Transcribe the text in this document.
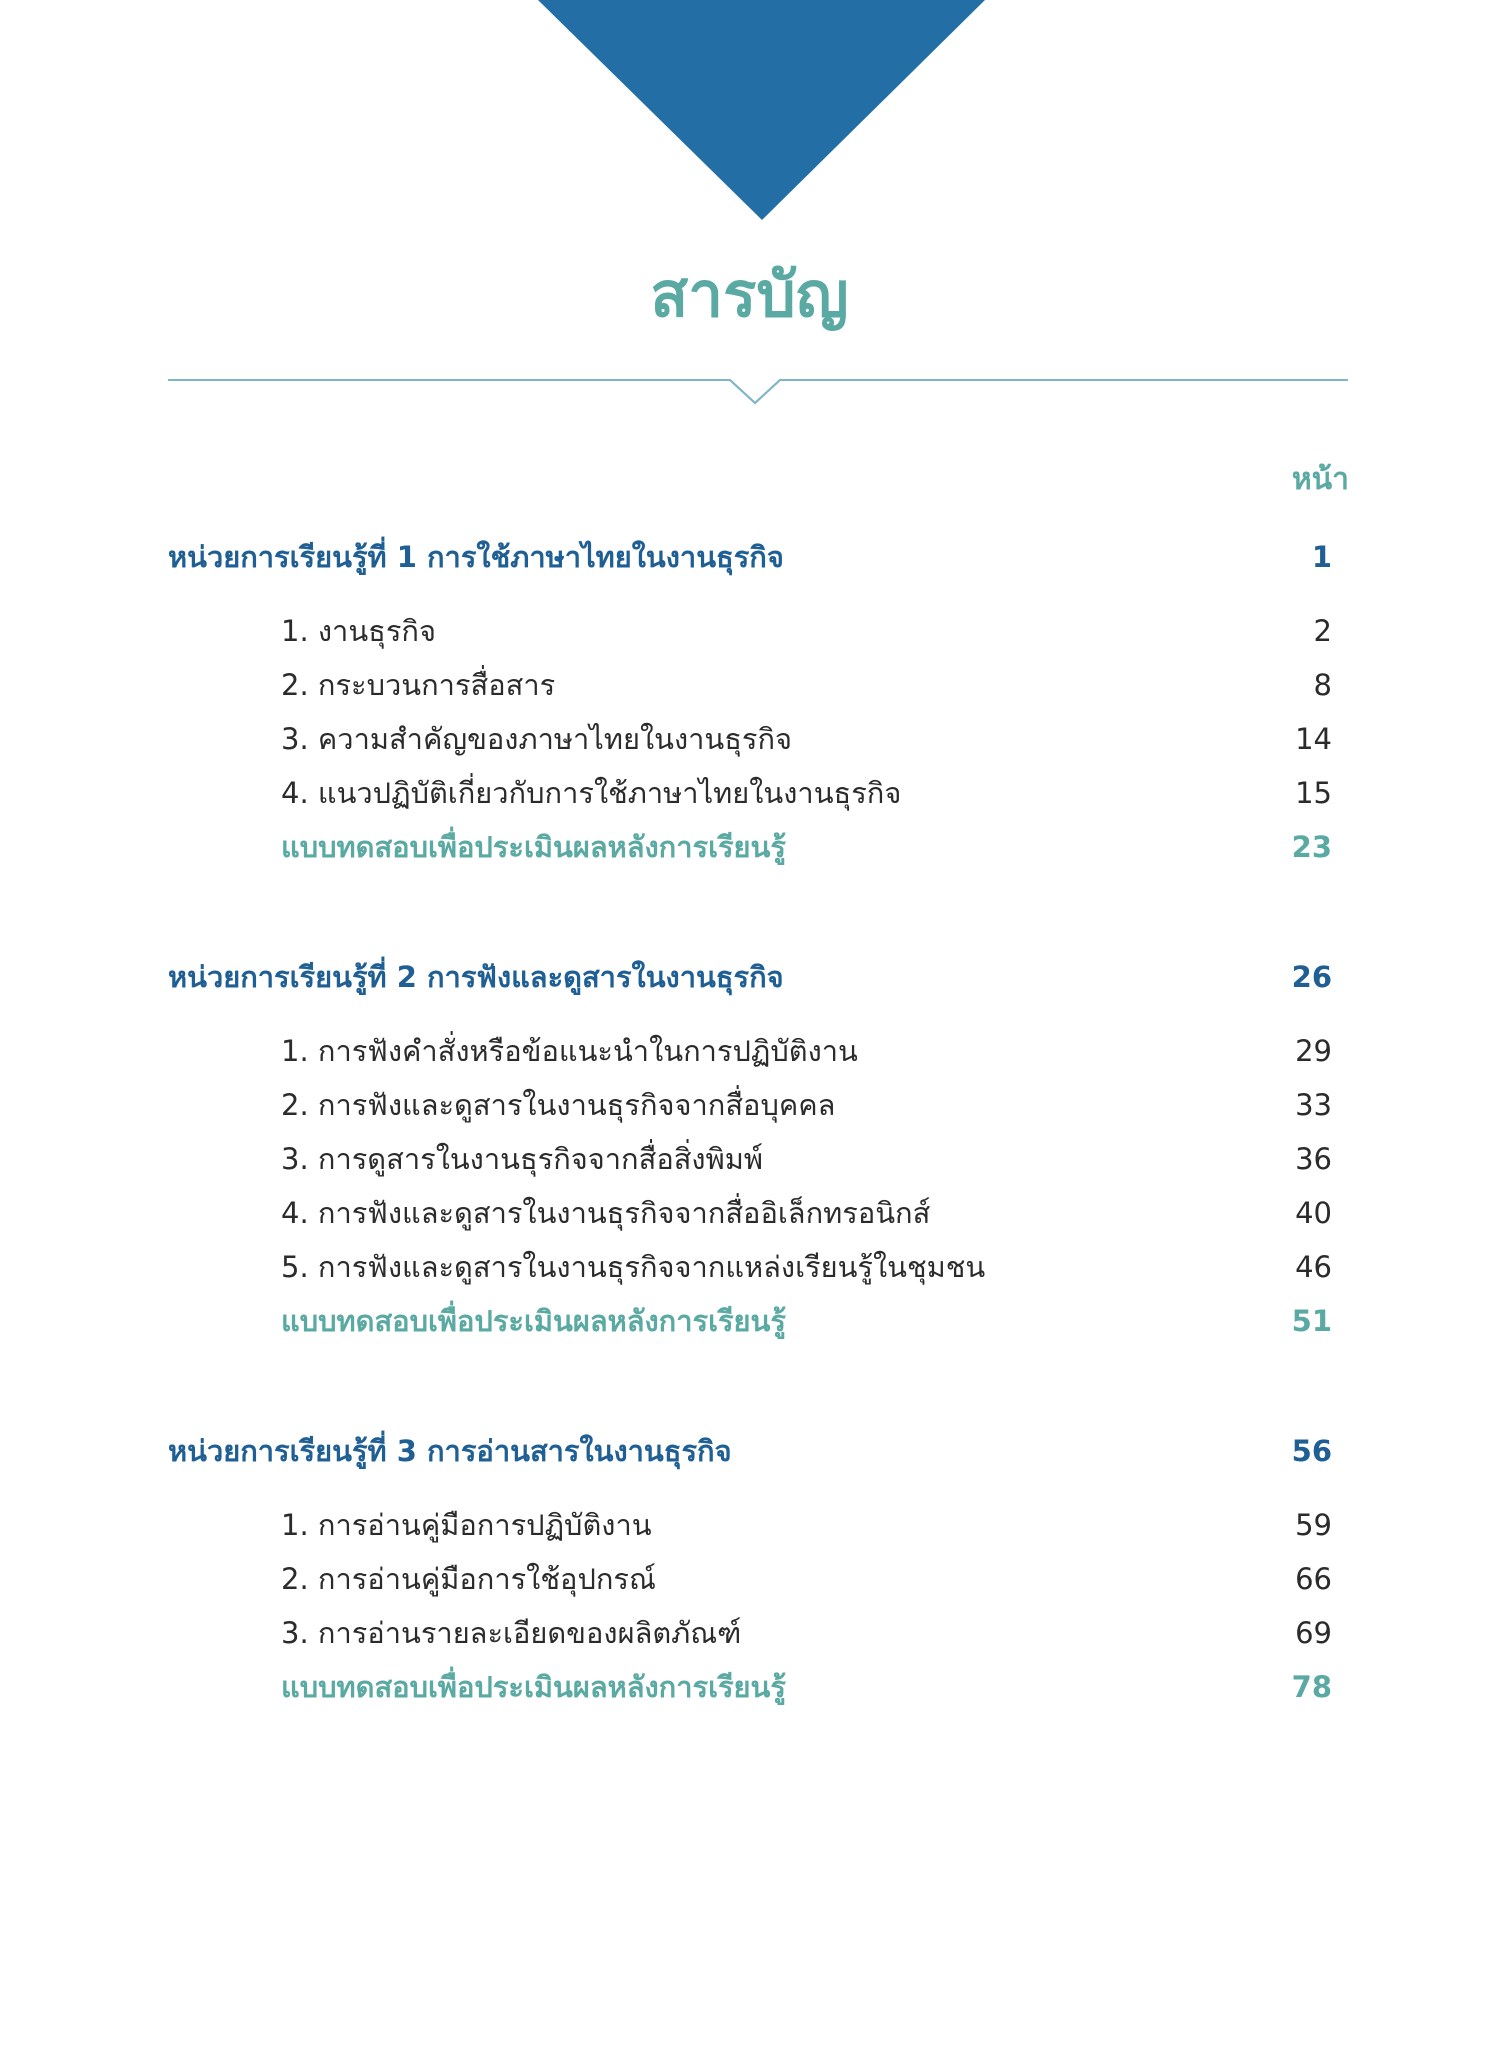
สารบัญ
หน้า
หน่วยการเรียนรู้ที่ 1 การใช้ภาษาไทยในงานธุรกิจ	1
1. งานธุรกิจ	2
2. กระบวนการสื่อสาร	8
3. ความสำคัญของภาษาไทยในงานธุรกิจ	14
4. แนวปฏิบัติเกี่ยวกับการใช้ภาษาไทยในงานธุรกิจ	15
แบบทดสอบเพื่อประเมินผลหลังการเรียนรู้	23
หน่วยการเรียนรู้ที่ 2 การฟังและดูสารในงานธุรกิจ	26
1. การฟังคำสั่งหรือข้อแนะนำในการปฏิบัติงาน	29
2. การฟังและดูสารในงานธุรกิจจากสื่อบุคคล	33
3. การดูสารในงานธุรกิจจากสื่อสิ่งพิมพ์	36
4. การฟังและดูสารในงานธุรกิจจากสื่ออิเล็กทรอนิกส์	40
5. การฟังและดูสารในงานธุรกิจจากแหล่งเรียนรู้ในชุมชน	46
แบบทดสอบเพื่อประเมินผลหลังการเรียนรู้	51
หน่วยการเรียนรู้ที่ 3 การอ่านสารในงานธุรกิจ	56
1. การอ่านคู่มือการปฏิบัติงาน	59
2. การอ่านคู่มือการใช้อุปกรณ์	66
3. การอ่านรายละเอียดของผลิตภัณฑ์	69
แบบทดสอบเพื่อประเมินผลหลังการเรียนรู้	78
